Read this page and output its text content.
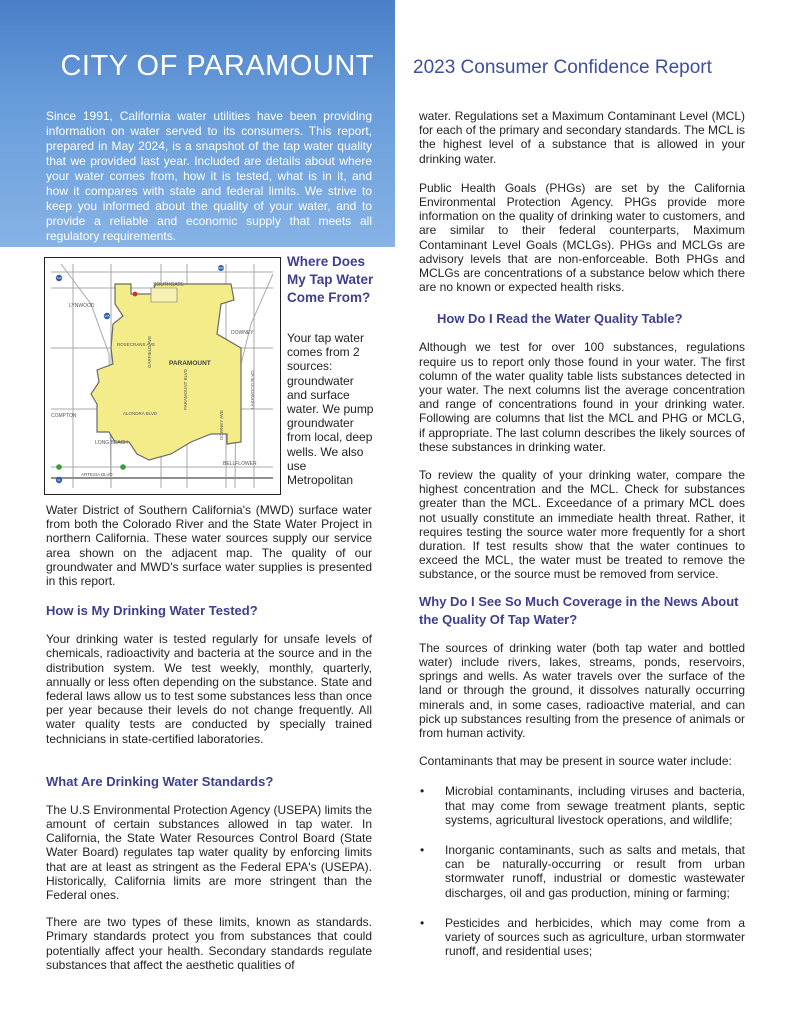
CITY OF PARAMOUNT 2023 Consumer Confidence Report
Since 1991, California water utilities have been providing information on water served to its consumers. This report, prepared in May 2024, is a snapshot of the tap water quality that we provided last year. Included are details about where your water comes from, how it is tested, what is in it, and how it compares with state and federal limits. We strive to keep you informed about the quality of your water, and to provide a reliable and economic supply that meets all regulatory requirements.
LYNWOOD
SOUTHGATE
DOWNEY
PARAMOUNT
ROSECRANS AVE
ALONDRA BLVD
COMPTON
LONG BEACH
ARTESIA BLVD
BELLFLOWER
GARFIELD AVE
PARAMOUNT BLVD
DOWNEY AVE
LAKEWOOD BLVD
710
105
91
605	Where Does My Tap Water Come From?
Your tap water comes from 2 sources: groundwater and surface water. We pump groundwater from local, deep wells. We also use Metropolitan

Water District of Southern California's (MWD) surface water from both the Colorado River and the State Water Project in northern California. These water sources supply our service area shown on the adjacent map. The quality of our groundwater and MWD's surface water supplies is presented in this report.

How is My Drinking Water Tested?

Your drinking water is tested regularly for unsafe levels of chemicals, radioactivity and bacteria at the source and in the distribution system. We test weekly, monthly, quarterly, annually or less often depending on the substance. State and federal laws allow us to test some substances less than once per year because their levels do not change frequently. All water quality tests are conducted by specially trained technicians in state-certified laboratories.

What Are Drinking Water Standards?

The U.S Environmental Protection Agency (USEPA) limits the amount of certain substances allowed in tap water. In California, the State Water Resources Control Board (State Water Board) regulates tap water quality by enforcing limits that are at least as stringent as the Federal EPA's (USEPA). Historically, California limits are more stringent than the Federal ones.

There are two types of these limits, known as standards. Primary standards protect you from substances that could potentially affect your health. Secondary standards regulate substances that affect the aesthetic qualities of

water. Regulations set a Maximum Contaminant Level (MCL) for each of the primary and secondary standards. The MCL is the highest level of a substance that is allowed in your drinking water.

Public Health Goals (PHGs) are set by the California Environmental Protection Agency. PHGs provide more information on the quality of drinking water to customers, and are similar to their federal counterparts, Maximum Contaminant Level Goals (MCLGs). PHGs and MCLGs are advisory levels that are non-enforceable. Both PHGs and MCLGs are concentrations of a substance below which there are no known or expected health risks.

How Do I Read the Water Quality Table?

Although we test for over 100 substances, regulations require us to report only those found in your water. The first column of the water quality table lists substances detected in your water. The next columns list the average concentration and range of concentrations found in your drinking water. Following are columns that list the MCL and PHG or MCLG, if appropriate. The last column describes the likely sources of these substances in drinking water.

To review the quality of your drinking water, compare the highest concentration and the MCL. Check for substances greater than the MCL. Exceedance of a primary MCL does not usually constitute an immediate health threat. Rather, it requires testing the source water more frequently for a short duration. If test results show that the water continues to exceed the MCL, the water must be treated to remove the substance, or the source must be removed from service.

Why Do I See So Much Coverage in the News About the Quality Of Tap Water?

The sources of drinking water (both tap water and bottled water) include rivers, lakes, streams, ponds, reservoirs, springs and wells. As water travels over the surface of the land or through the ground, it dissolves naturally occurring minerals and, in some cases, radioactive material, and can pick up substances resulting from the presence of animals or from human activity.

Contaminants that may be present in source water include:

• Microbial contaminants, including viruses and bacteria, that may come from sewage treatment plants, septic systems, agricultural livestock operations, and wildlife;
• Inorganic contaminants, such as salts and metals, that can be naturally-occurring or result from urban stormwater runoff, industrial or domestic wastewater discharges, oil and gas production, mining or farming;
• Pesticides and herbicides, which may come from a variety of sources such as agriculture, urban stormwater runoff, and residential uses;
